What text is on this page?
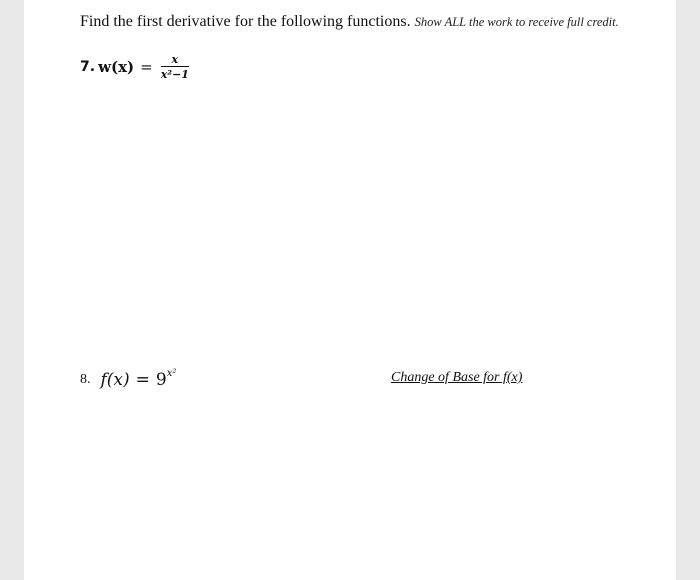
Find the first derivative for the following functions. Show ALL the work to receive full credit.
7. $w(x) = \frac{x}{\text{x²−1}}$
8. f(x) = 9 x²	Change of Base for f(x)
